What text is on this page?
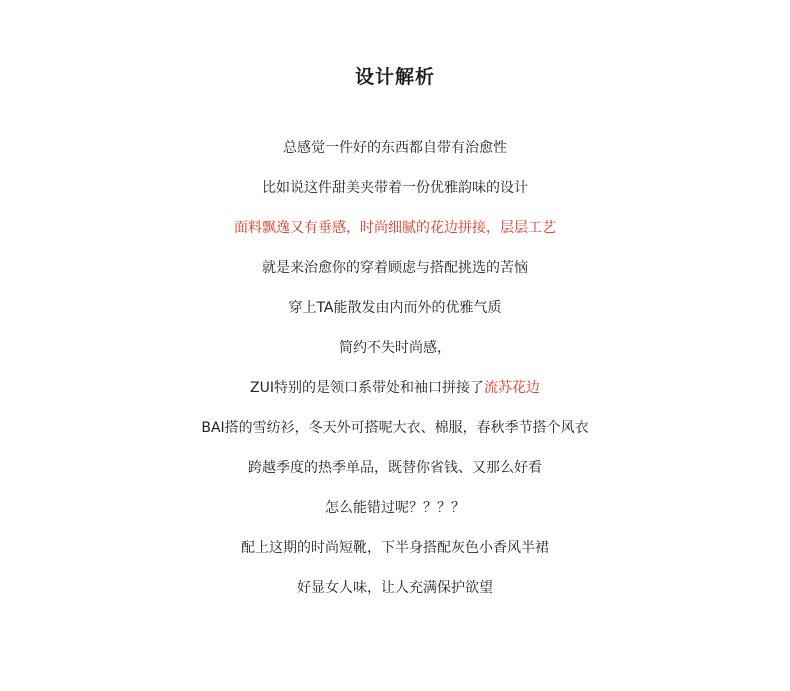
设计解析
总感觉一件好的东西都自带有治愈性
比如说这件甜美夹带着一份优雅韵味的设计
面料飘逸又有垂感，时尚细腻的花边拼接，层层工艺
就是来治愈你的穿着顾虑与搭配挑选的苦恼
穿上TA能散发由内而外的优雅气质
简约不失时尚感，
ZUI特别的是领口系带处和袖口拼接了流苏花边
BAI搭的雪纺衫，冬天外可搭呢大衣、棉服，春秋季节搭个风衣
跨越季度的热季单品，既替你省钱、又那么好看
怎么能错过呢？？？？
配上这期的时尚短靴，下半身搭配灰色小香风半裙
好显女人味，让人充满保护欲望
